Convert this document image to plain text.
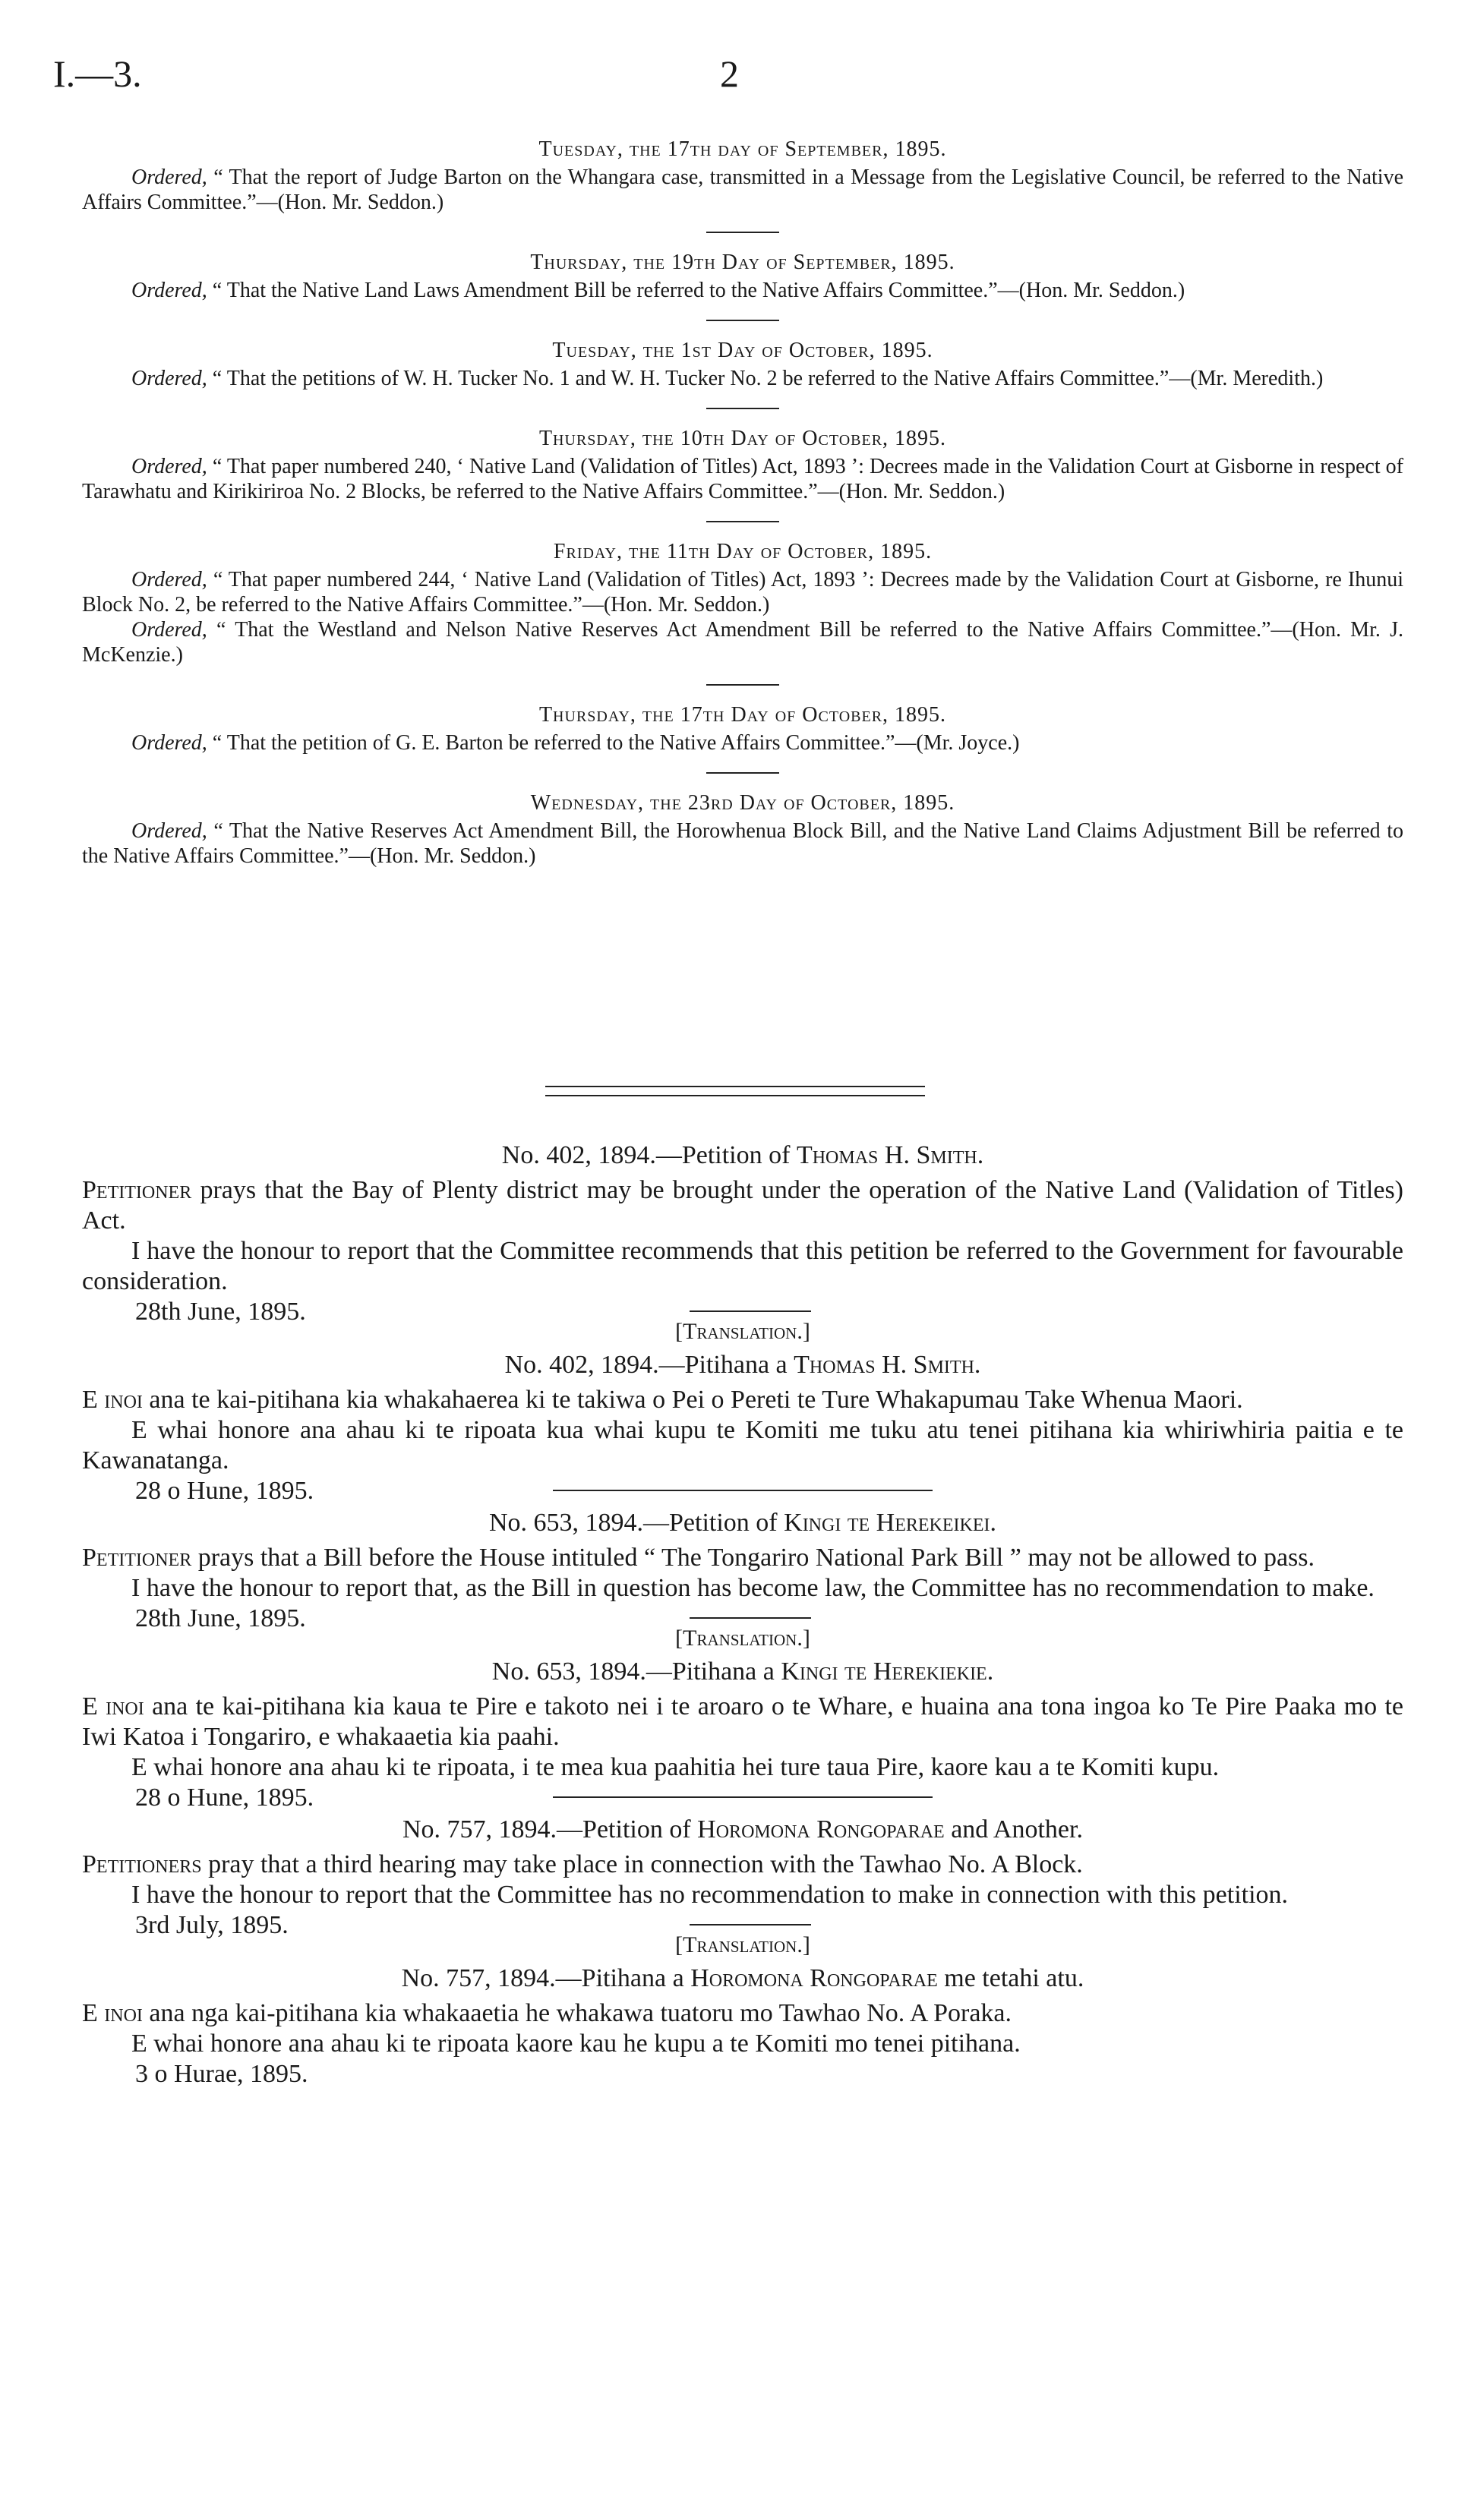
I.—3.	2
Tuesday, the 17th day of September, 1895.

Ordered, “ That the report of Judge Barton on the Whangara case, transmitted in a Message from the Legislative Council, be referred to the Native Affairs Committee.”—(Hon. Mr. Seddon.)

Thursday, the 19th Day of September, 1895.

Ordered, “ That the Native Land Laws Amendment Bill be referred to the Native Affairs Committee.”—(Hon. Mr. Seddon.)

Tuesday, the 1st Day of October, 1895.

Ordered, “ That the petitions of W. H. Tucker No. 1 and W. H. Tucker No. 2 be referred to the Native Affairs Committee.”—(Mr. Meredith.)

Thursday, the 10th Day of October, 1895.

Ordered, “ That paper numbered 240, ‘ Native Land (Validation of Titles) Act, 1893 ’: Decrees made in the Validation Court at Gisborne in respect of Tarawhatu and Kirikiriroa No. 2 Blocks, be referred to the Native Affairs Committee.”—(Hon. Mr. Seddon.)

Friday, the 11th Day of October, 1895.

Ordered, “ That paper numbered 244, ‘ Native Land (Validation of Titles) Act, 1893 ’: Decrees made by the Validation Court at Gisborne, re Ihunui Block No. 2, be referred to the Native Affairs Committee.”—(Hon. Mr. Seddon.)

Ordered, “ That the Westland and Nelson Native Reserves Act Amendment Bill be referred to the Native Affairs Committee.”—(Hon. Mr. J. McKenzie.)

Thursday, the 17th Day of October, 1895.

Ordered, “ That the petition of G. E. Barton be referred to the Native Affairs Committee.”—(Mr. Joyce.)

Wednesday, the 23rd Day of October, 1895.

Ordered, “ That the Native Reserves Act Amendment Bill, the Horowhenua Block Bill, and the Native Land Claims Adjustment Bill be referred to the Native Affairs Committee.”—(Hon. Mr. Seddon.)

No. 402, 1894.—Petition of Thomas H. Smith.

Petitioner prays that the Bay of Plenty district may be brought under the operation of the Native Land (Validation of Titles) Act.

I have the honour to report that the Committee recommends that this petition be referred to the Government for favourable consideration.

28th June, 1895.

[Translation.]
No. 402, 1894.—Pitihana a Thomas H. Smith.

E inoi ana te kai-pitihana kia whakahaerea ki te takiwa o Pei o Pereti te Ture Whakapumau Take Whenua Maori.

E whai honore ana ahau ki te ripoata kua whai kupu te Komiti me tuku atu tenei pitihana kia whiriwhiria paitia e te Kawanatanga.

28 o Hune, 1895.

No. 653, 1894.—Petition of Kingi te Herekeikei.

Petitioner prays that a Bill before the House intituled “ The Tongariro National Park Bill ” may not be allowed to pass.

I have the honour to report that, as the Bill in question has become law, the Committee has no recommendation to make.

28th June, 1895.

[Translation.]
No. 653, 1894.—Pitihana a Kingi te Herekiekie.

E inoi ana te kai-pitihana kia kaua te Pire e takoto nei i te aroaro o te Whare, e huaina ana tona ingoa ko Te Pire Paaka mo te Iwi Katoa i Tongariro, e whakaaetia kia paahi.

E whai honore ana ahau ki te ripoata, i te mea kua paahitia hei ture taua Pire, kaore kau a te Komiti kupu.

28 o Hune, 1895.

No. 757, 1894.—Petition of Horomona Rongoparae and Another.

Petitioners pray that a third hearing may take place in connection with the Tawhao No. A Block.

I have the honour to report that the Committee has no recommendation to make in connection with this petition.

3rd July, 1895.

[Translation.]
No. 757, 1894.—Pitihana a Horomona Rongoparae me tetahi atu.

E inoi ana nga kai-pitihana kia whakaaetia he whakawa tuatoru mo Tawhao No. A Poraka.

E whai honore ana ahau ki te ripoata kaore kau he kupu a te Komiti mo tenei pitihana.

3 o Hurae, 1895.
